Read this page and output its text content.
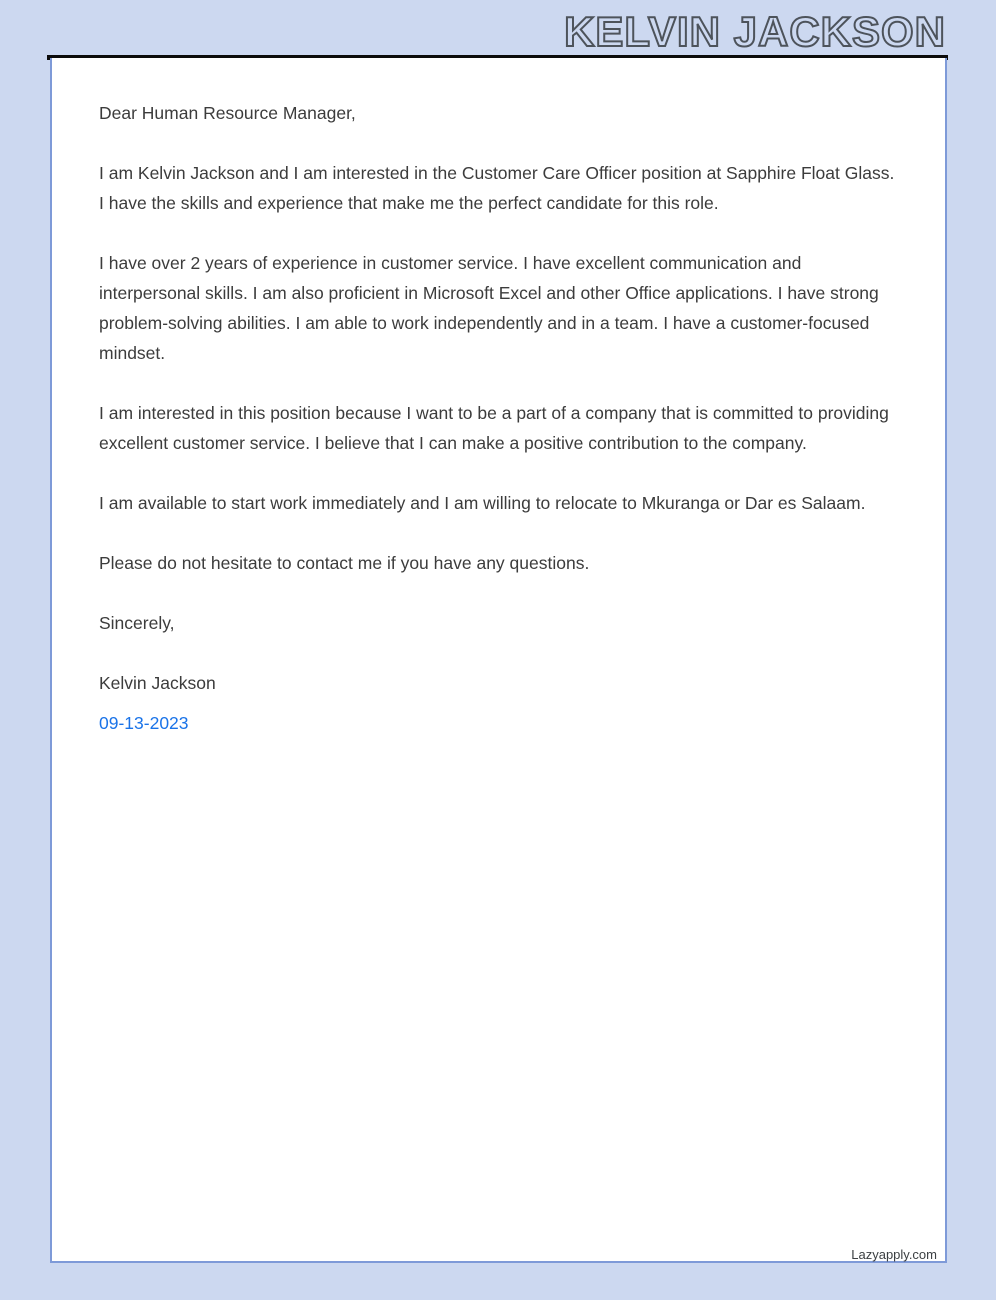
KELVIN JACKSON

Dear Human Resource Manager,

I am Kelvin Jackson and I am interested in the Customer Care Officer position at Sapphire Float Glass. I have the skills and experience that make me the perfect candidate for this role.

I have over 2 years of experience in customer service. I have excellent communication and interpersonal skills. I am also proficient in Microsoft Excel and other Office applications. I have strong problem-solving abilities. I am able to work independently and in a team. I have a customer-focused mindset.

I am interested in this position because I want to be a part of a company that is committed to providing excellent customer service. I believe that I can make a positive contribution to the company.

I am available to start work immediately and I am willing to relocate to Mkuranga or Dar es Salaam.

Please do not hesitate to contact me if you have any questions.

Sincerely,

Kelvin Jackson

09-13-2023

Lazyapply.com
